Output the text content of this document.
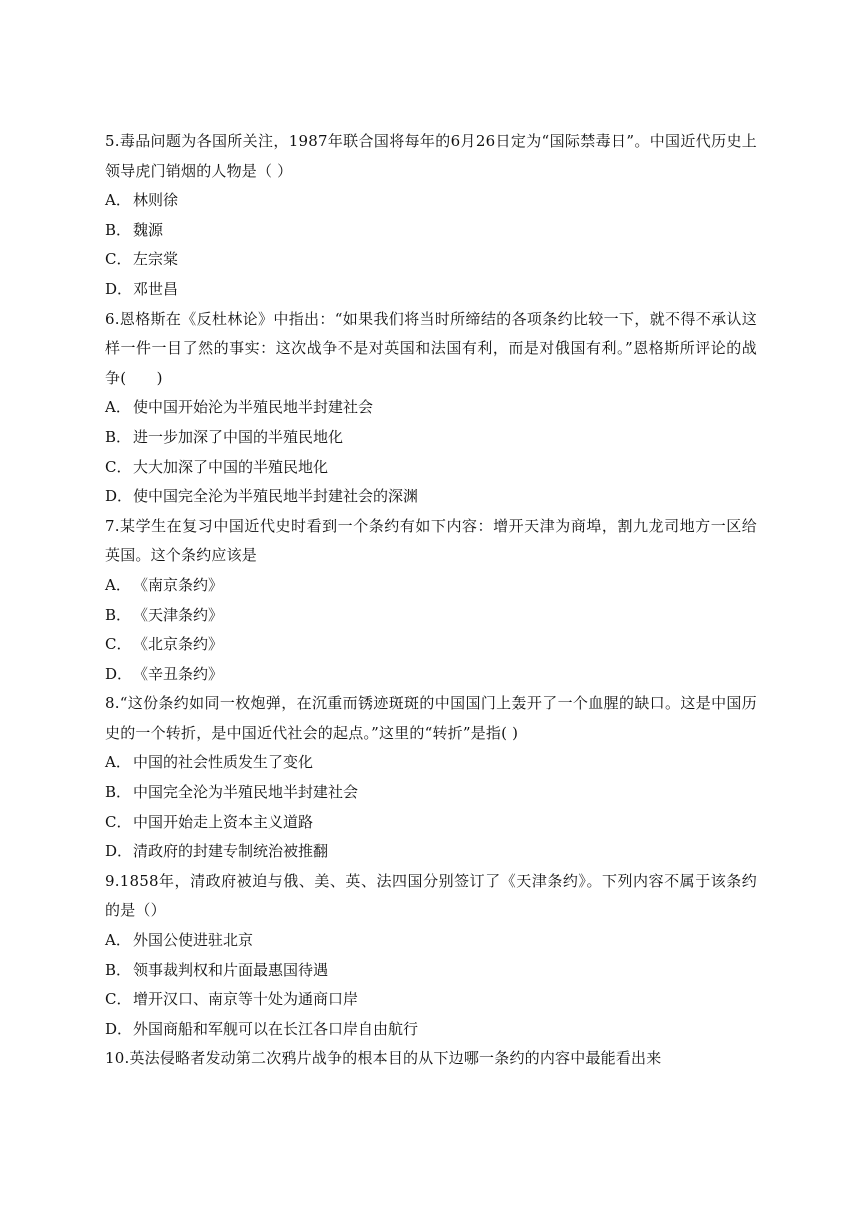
5.毒品问题为各国所关注，1987年联合国将每年的6月26日定为“国际禁毒日”。中国近代历史上领导虎门销烟的人物是（ ）

A． 林则徐
B． 魏源
C． 左宗棠
D． 邓世昌

6.恩格斯在《反杜林论》中指出：“如果我们将当时所缔结的各项条约比较一下，就不得不承认这样一件一目了然的事实：这次战争不是对英国和法国有利，而是对俄国有利。”恩格斯所评论的战争(　　)

A． 使中国开始沦为半殖民地半封建社会
B． 进一步加深了中国的半殖民地化
C． 大大加深了中国的半殖民地化
D． 使中国完全沦为半殖民地半封建社会的深渊

7.某学生在复习中国近代史时看到一个条约有如下内容：增开天津为商埠，割九龙司地方一区给英国。这个条约应该是

A． 《南京条约》
B． 《天津条约》
C． 《北京条约》
D． 《辛丑条约》

8.“这份条约如同一枚炮弹，在沉重而锈迹斑斑的中国国门上轰开了一个血腥的缺口。这是中国历史的一个转折，是中国近代社会的起点。”这里的“转折”是指( )

A． 中国的社会性质发生了变化
B． 中国完全沦为半殖民地半封建社会
C． 中国开始走上资本主义道路
D． 清政府的封建专制统治被推翻

9.1858年，清政府被迫与俄、美、英、法四国分别签订了《天津条约》。下列内容不属于该条约的是（）

A． 外国公使进驻北京
B． 领事裁判权和片面最惠国待遇
C． 增开汉口、南京等十处为通商口岸
D． 外国商船和军舰可以在长江各口岸自由航行

10.英法侵略者发动第二次鸦片战争的根本目的从下边哪一条约的内容中最能看出来
